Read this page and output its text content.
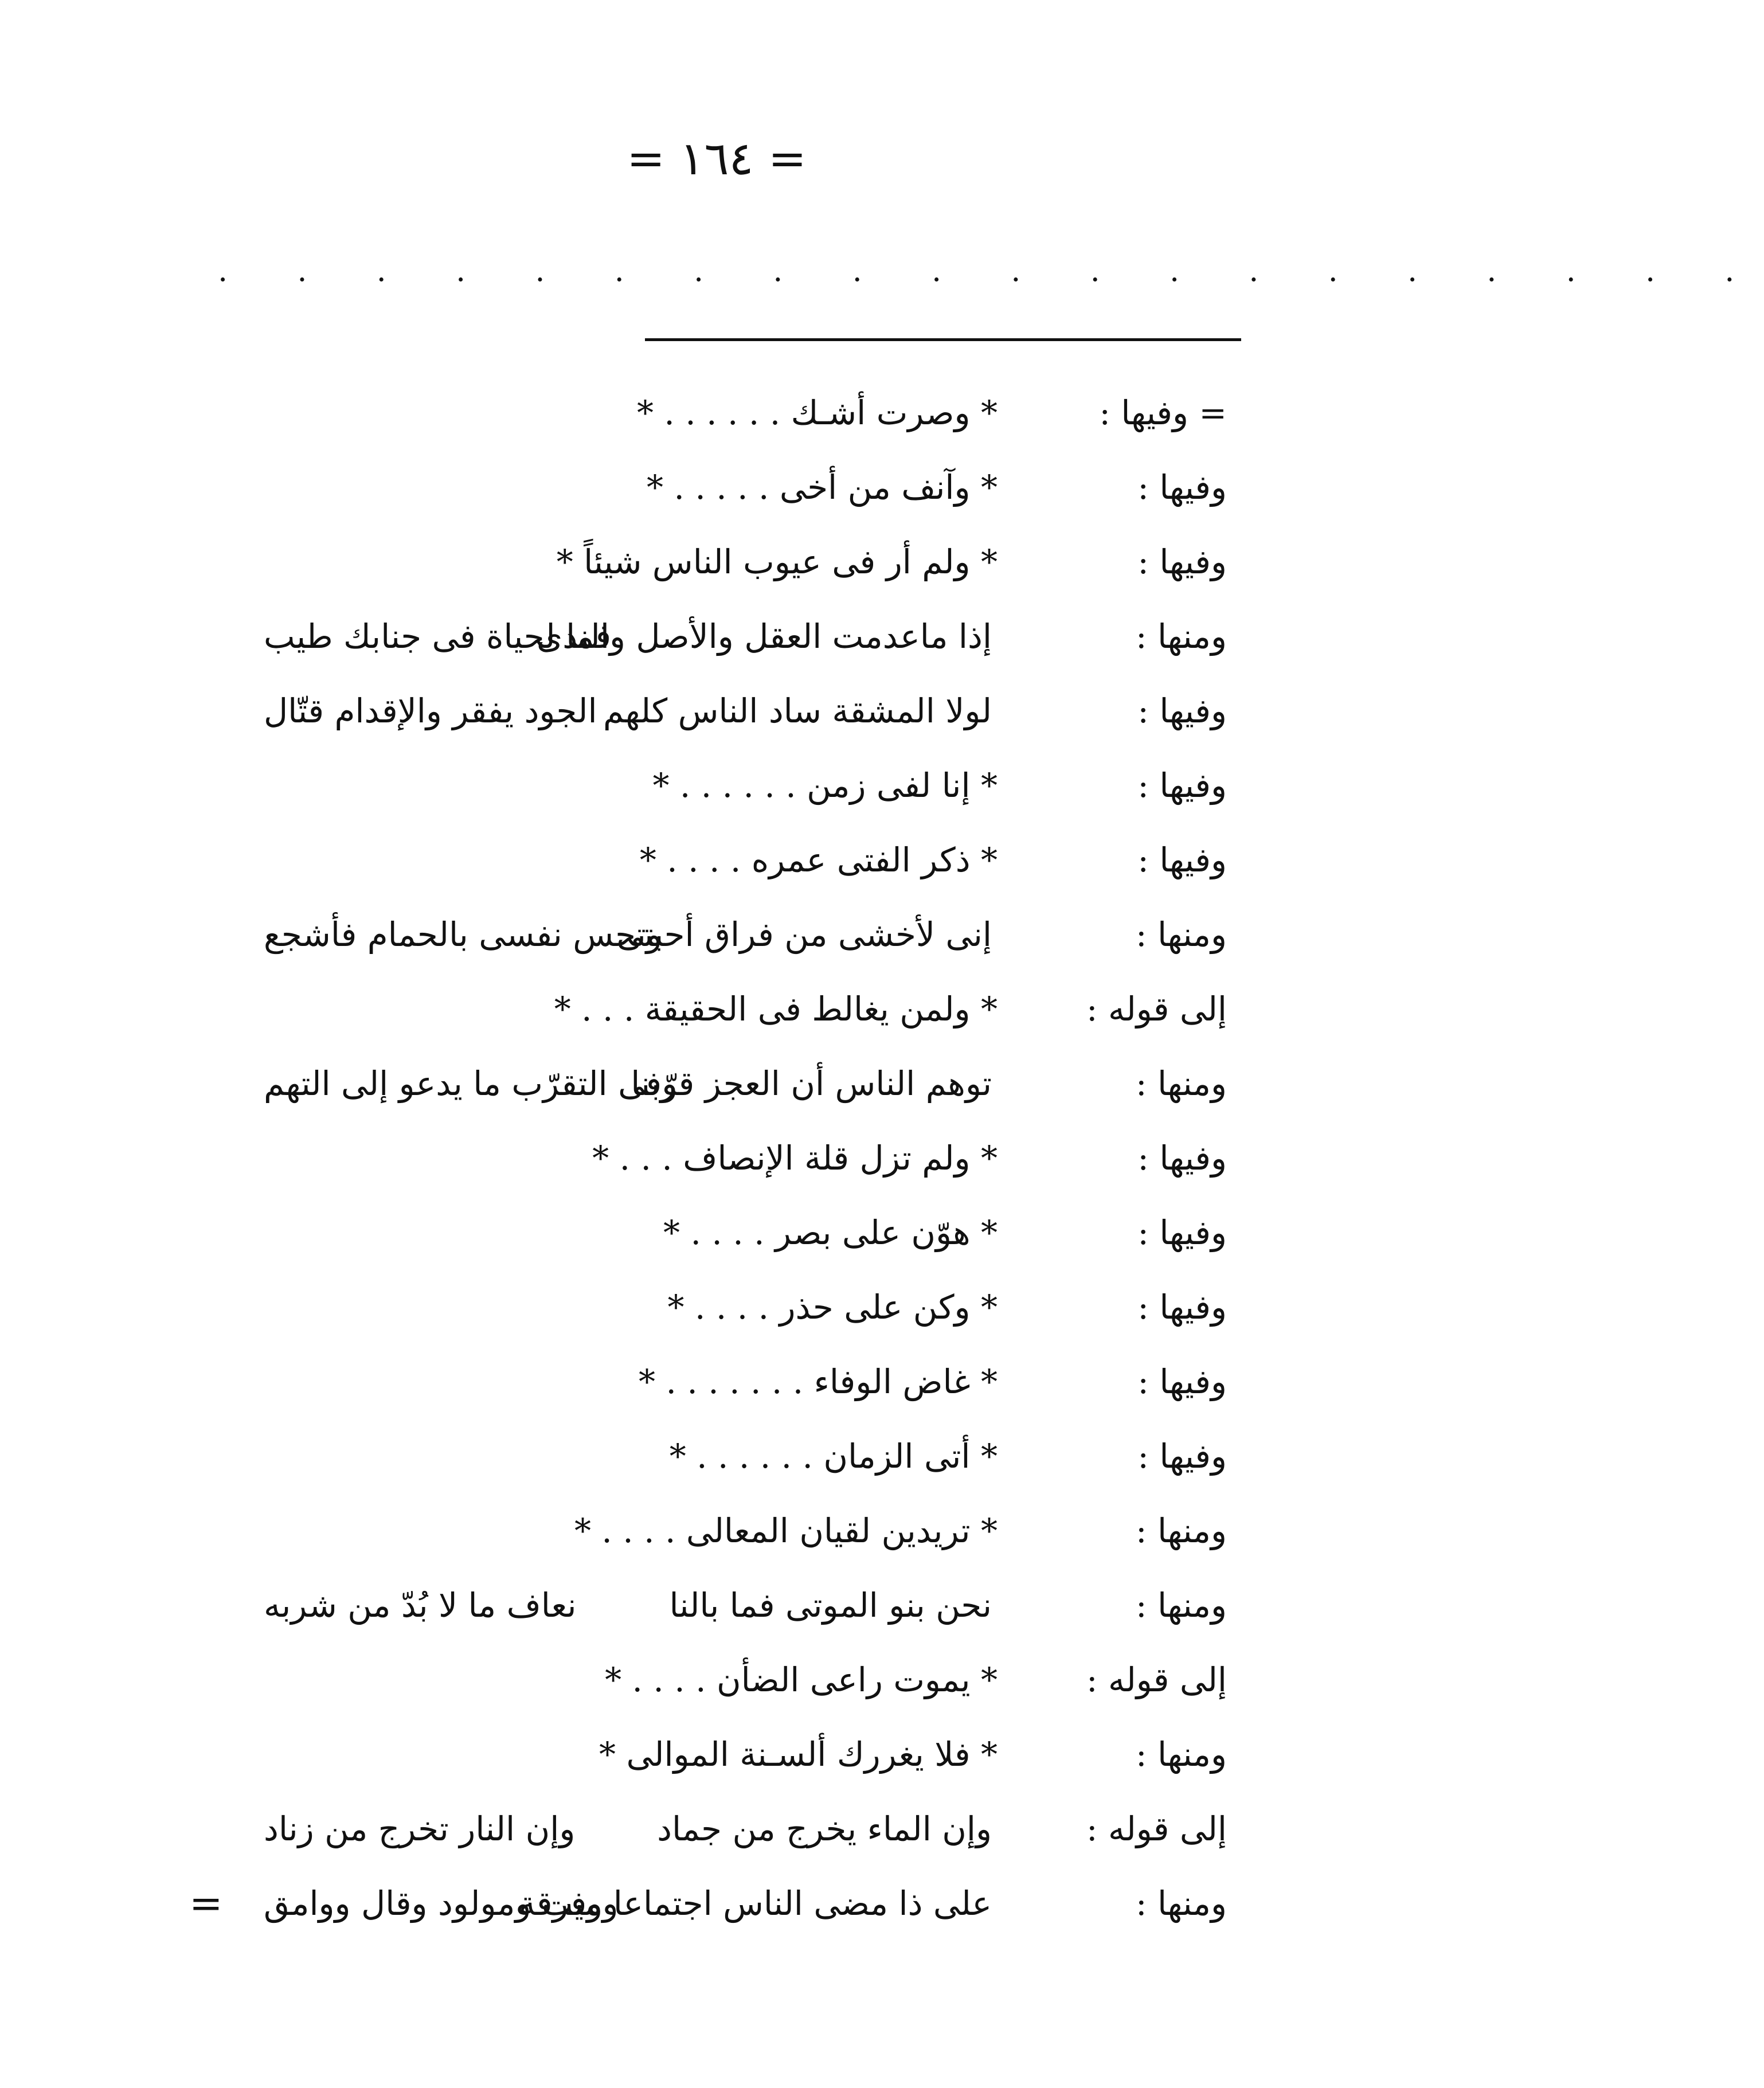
= ١٦٤ =
. . . . . . . . . . . . . . . . . . . .
= وفيها :
* وصرت أشـك . . . . . . *
وفيها :
* وآنف من أخى . . . . . *
وفيها :
* ولم أر فى عيوب الناس شيئاً *
ومنها :
إذا ماعدمت العقل والأصل والندى
فما لحياة فى جنابك طيب
وفيها :
لولا المشقة ساد الناس كلهم
الجود يفقر والإقدام قتّال
وفيها :
* إنا لفى زمن . . . . . . *
وفيها :
* ذكر الفتى عمره . . . . *
ومنها :
إنى لأخشى من فراق أحبتى
وتحس نفسى بالحمام فأشجع
إلى قوله :
* ولمن يغالط فى الحقيقة . . . *
ومنها :
توهم الناس أن العجز قرّبنا
وفى التقرّب ما يدعو إلى التهم
وفيها :
* ولم تزل قلة الإنصاف . . . *
وفيها :
* هوّن على بصر . . . . *
وفيها :
* وكن على حذر . . . . *
وفيها :
* غاض الوفاء . . . . . . . *
وفيها :
* أتى الزمان . . . . . . *
ومنها :
* تريدين لقيان المعالى . . . . *
ومنها :
نحن بنو الموتى فما بالنا
نعاف ما لا بُدّ من شربه
إلى قوله :
* يموت راعى الضأن . . . . *
ومنها :
* فلا يغررك ألسـنة الموالى *
إلى قوله :
وإن الماء يخرج من جماد
وإن النار تخرج من زناد
ومنها :
على ذا مضى الناس اجتماعا وفرقة
وميت ومولود وقال ووامق
=
